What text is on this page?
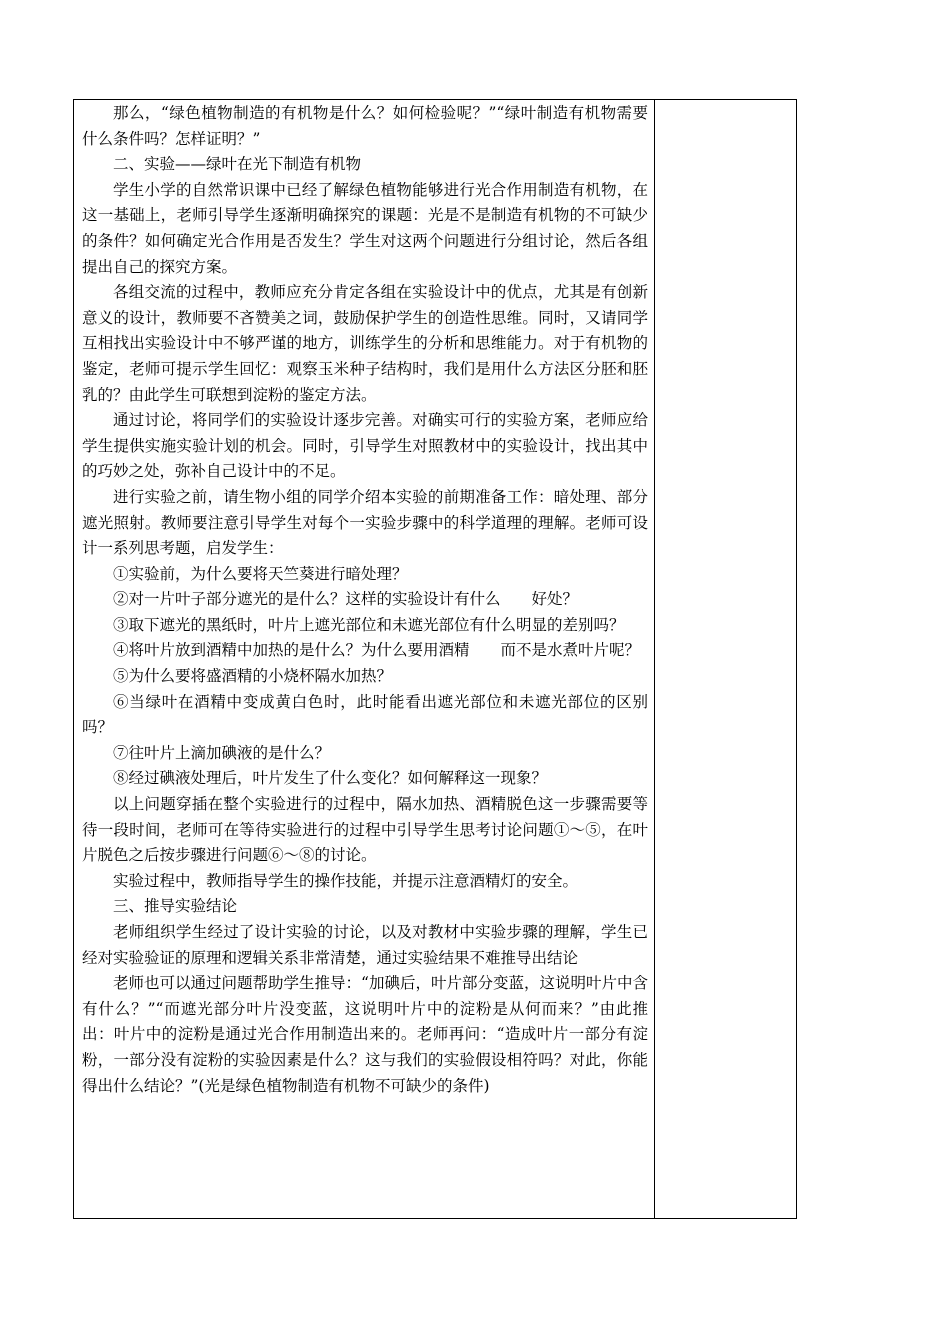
那么，“绿色植物制造的有机物是什么？如何检验呢？”“绿叶制造有机物需要什么条件吗？怎样证明？”

二、实验——绿叶在光下制造有机物

学生小学的自然常识课中已经了解绿色植物能够进行光合作用制造有机物，在这一基础上，老师引导学生逐渐明确探究的课题：光是不是制造有机物的不可缺少的条件？如何确定光合作用是否发生？学生对这两个问题进行分组讨论，然后各组提出自己的探究方案。

各组交流的过程中，教师应充分肯定各组在实验设计中的优点，尤其是有创新意义的设计，教师要不吝赞美之词，鼓励保护学生的创造性思维。同时，又请同学互相找出实验设计中不够严谨的地方，训练学生的分析和思维能力。对于有机物的鉴定，老师可提示学生回忆：观察玉米种子结构时，我们是用什么方法区分胚和胚乳的？由此学生可联想到淀粉的鉴定方法。

通过讨论，将同学们的实验设计逐步完善。对确实可行的实验方案，老师应给学生提供实施实验计划的机会。同时，引导学生对照教材中的实验设计，找出其中的巧妙之处，弥补自己设计中的不足。

进行实验之前，请生物小组的同学介绍本实验的前期准备工作：暗处理、部分遮光照射。教师要注意引导学生对每个一实验步骤中的科学道理的理解。老师可设计一系列思考题，启发学生：

①实验前，为什么要将天竺葵进行暗处理？

②对一片叶子部分遮光的是什么？这样的实验设计有什么　　好处？

③取下遮光的黑纸时，叶片上遮光部位和未遮光部位有什么明显的差别吗？

④将叶片放到酒精中加热的是什么？为什么要用酒精　　而不是水煮叶片呢？

⑤为什么要将盛酒精的小烧杯隔水加热？

⑥当绿叶在酒精中变成黄白色时，此时能看出遮光部位和未遮光部位的区别吗？

⑦往叶片上滴加碘液的是什么？

⑧经过碘液处理后，叶片发生了什么变化？如何解释这一现象？

以上问题穿插在整个实验进行的过程中，隔水加热、酒精脱色这一步骤需要等待一段时间，老师可在等待实验进行的过程中引导学生思考讨论问题①～⑤，在叶片脱色之后按步骤进行问题⑥～⑧的讨论。

实验过程中，教师指导学生的操作技能，并提示注意酒精灯的安全。

三、推导实验结论

老师组织学生经过了设计实验的讨论，以及对教材中实验步骤的理解，学生已经对实验验证的原理和逻辑关系非常清楚，通过实验结果不难推导出结论

老师也可以通过问题帮助学生推导：“加碘后，叶片部分变蓝，这说明叶片中含有什么？”“而遮光部分叶片没变蓝，这说明叶片中的淀粉是从何而来？”由此推出：叶片中的淀粉是通过光合作用制造出来的。老师再问：“造成叶片一部分有淀粉，一部分没有淀粉的实验因素是什么？这与我们的实验假设相符吗？对此，你能得出什么结论？”(光是绿色植物制造有机物不可缺少的条件)
